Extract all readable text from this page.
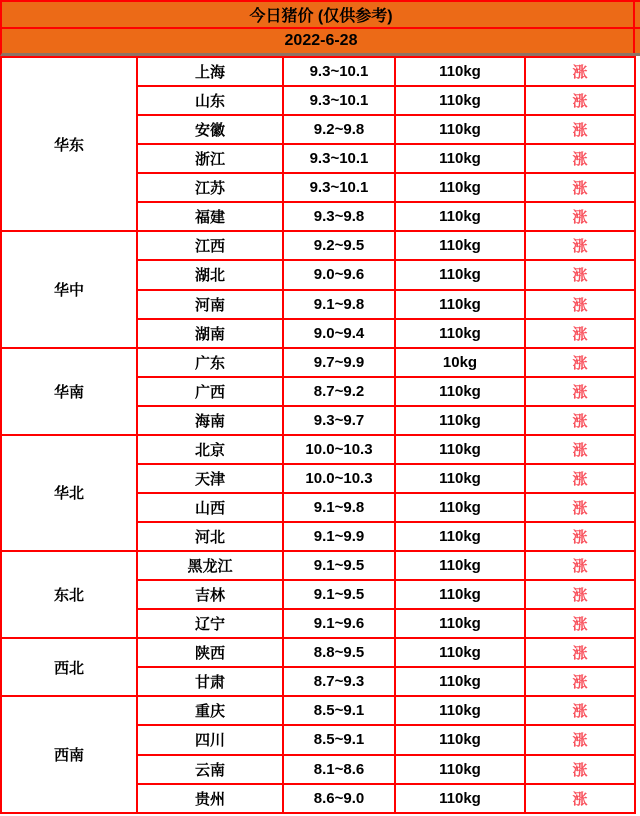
今日猪价 (仅供参考)
2022-6-28
华东	上海	9.3~10.1	110kg	涨
	山东	9.3~10.1	110kg	涨
	安徽	9.2~9.8	110kg	涨
	浙江	9.3~10.1	110kg	涨
	江苏	9.3~10.1	110kg	涨
	福建	9.3~9.8	110kg	涨
华中	江西	9.2~9.5	110kg	涨
	湖北	9.0~9.6	110kg	涨
	河南	9.1~9.8	110kg	涨
	湖南	9.0~9.4	110kg	涨
华南	广东	9.7~9.9	10kg	涨
	广西	8.7~9.2	110kg	涨
	海南	9.3~9.7	110kg	涨
华北	北京	10.0~10.3	110kg	涨
	天津	10.0~10.3	110kg	涨
	山西	9.1~9.8	110kg	涨
	河北	9.1~9.9	110kg	涨
东北	黑龙江	9.1~9.5	110kg	涨
	吉林	9.1~9.5	110kg	涨
	辽宁	9.1~9.6	110kg	涨
西北	陕西	8.8~9.5	110kg	涨
	甘肃	8.7~9.3	110kg	涨
西南	重庆	8.5~9.1	110kg	涨
	四川	8.5~9.1	110kg	涨
	云南	8.1~8.6	110kg	涨
	贵州	8.6~9.0	110kg	涨
